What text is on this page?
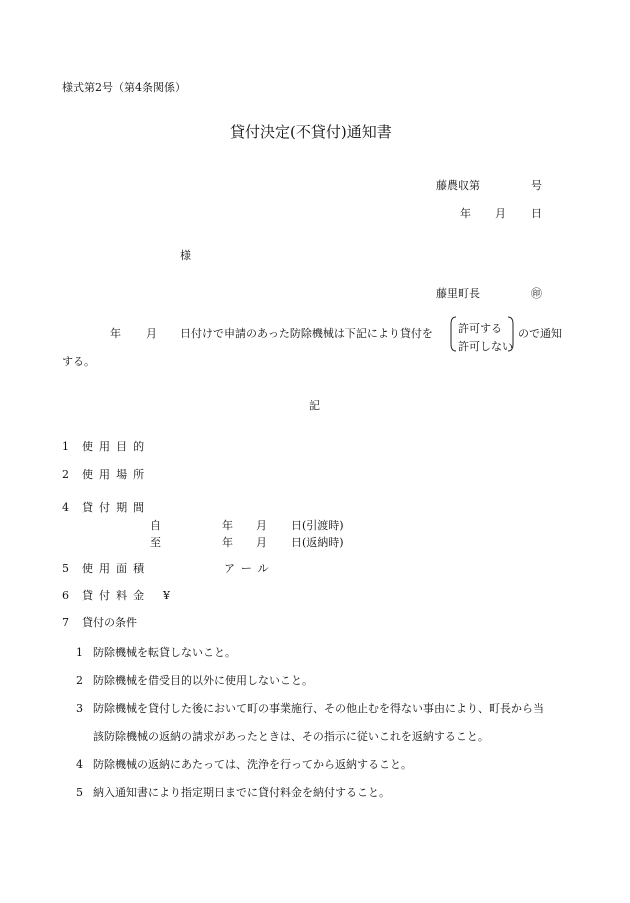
様式第2号（第4条関係）
貸付決定(不貸付)通知書
藤農収第	号
年 月 日
様
藤里町長	㊞
年 月 日付けで申請のあった防除機械は下記により貸付を 許可する
許可しない
ので通知
する。
記
1 使用目的
2 使用場所
4 貸付期間
自	年 月 日(引渡時)
至	年 月 日(返納時)
5 使用面積	アール
6 貸付料金 ¥
7 貸付の条件
1 防除機械を転貸しないこと。
2 防除機械を借受目的以外に使用しないこと。
3 防除機械を貸付した後において町の事業施行、その他止むを得ない事由により、町長から当
該防除機械の返納の請求があったときは、その指示に従いこれを返納すること。
4 防除機械の返納にあたっては、洗浄を行ってから返納すること。
5 納入通知書により指定期日までに貸付料金を納付すること。
